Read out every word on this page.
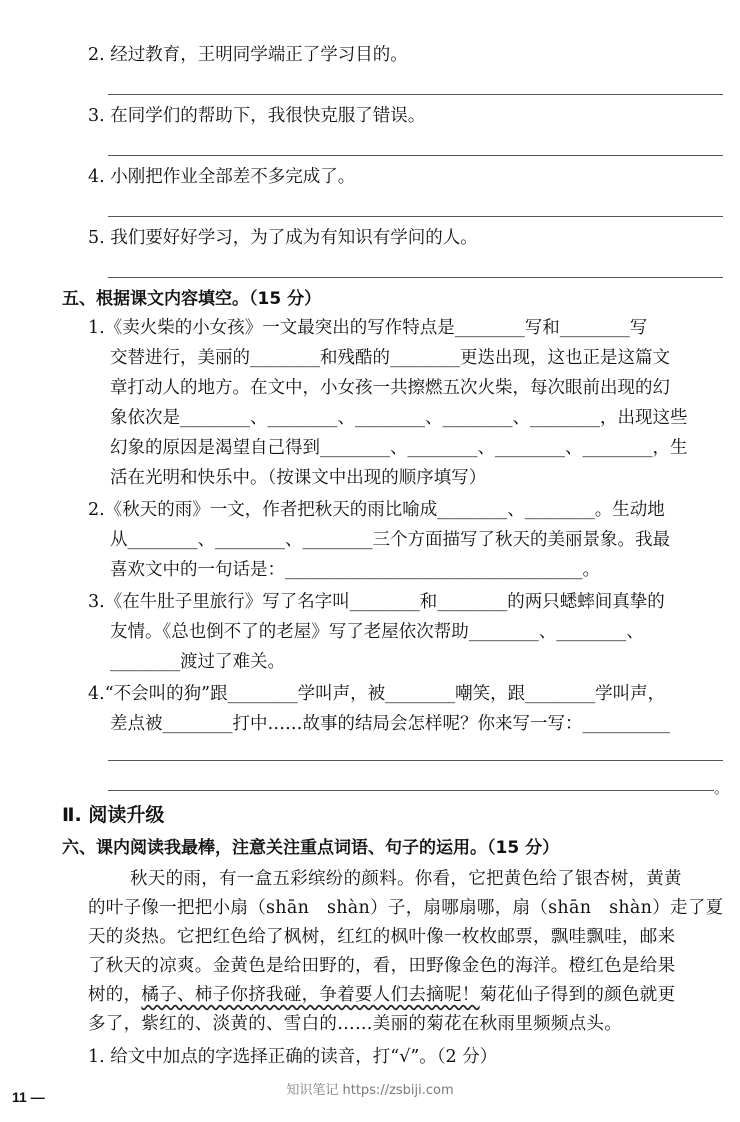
2. 经过教育，王明同学端正了学习目的。
3. 在同学们的帮助下，我很快克服了错误。
4. 小刚把作业全部差不多完成了。
5. 我们要好好学习，为了成为有知识有学问的人。
五、根据课文内容填空。（15 分）
1.《卖火柴的小女孩》一文最突出的写作特点是________写和________写
交替进行，美丽的________和残酷的________更迭出现，这也正是这篇文
章打动人的地方。在文中，小女孩一共擦燃五次火柴，每次眼前出现的幻
象依次是________、________、________、________、________，出现这些
幻象的原因是渴望自己得到________、________、________、________，生
活在光明和快乐中。（按课文中出现的顺序填写）
2.《秋天的雨》一文，作者把秋天的雨比喻成________、________。生动地
从________、________、________三个方面描写了秋天的美丽景象。我最
喜欢文中的一句话是：__________________________________。
3.《在牛肚子里旅行》写了名字叫________和________的两只蟋蟀间真挚的
友情。《总也倒不了的老屋》写了老屋依次帮助________、________、
________渡过了难关。
4.“不会叫的狗”跟________学叫声，被________嘲笑，跟________学叫声，
差点被________打中……故事的结局会怎样呢？你来写一写：__________
。
Ⅱ. 阅读升级
六、课内阅读我最棒，注意关注重点词语、句子的运用。（15 分）
秋天的雨，有一盒五彩缤纷的颜料。你看，它把黄色给了银杏树，黄黄
的叶子像一把把小扇（shān　shàn）子，扇哪扇哪，扇（shān　shàn）走了夏
天的炎热。它把红色给了枫树，红红的枫叶像一枚枚邮票，飘哇飘哇，邮来
了秋天的凉爽。金黄色是给田野的，看，田野像金色的海洋。橙红色是给果
树的，橘子、柿子你挤我碰，争着要人们去摘呢！菊花仙子得到的颜色就更
多了，紫红的、淡黄的、雪白的……美丽的菊花在秋雨里频频点头。
1. 给文中加点的字选择正确的读音，打“√”。（2 分）
知识笔记 https://zsbiji.com
11 —
